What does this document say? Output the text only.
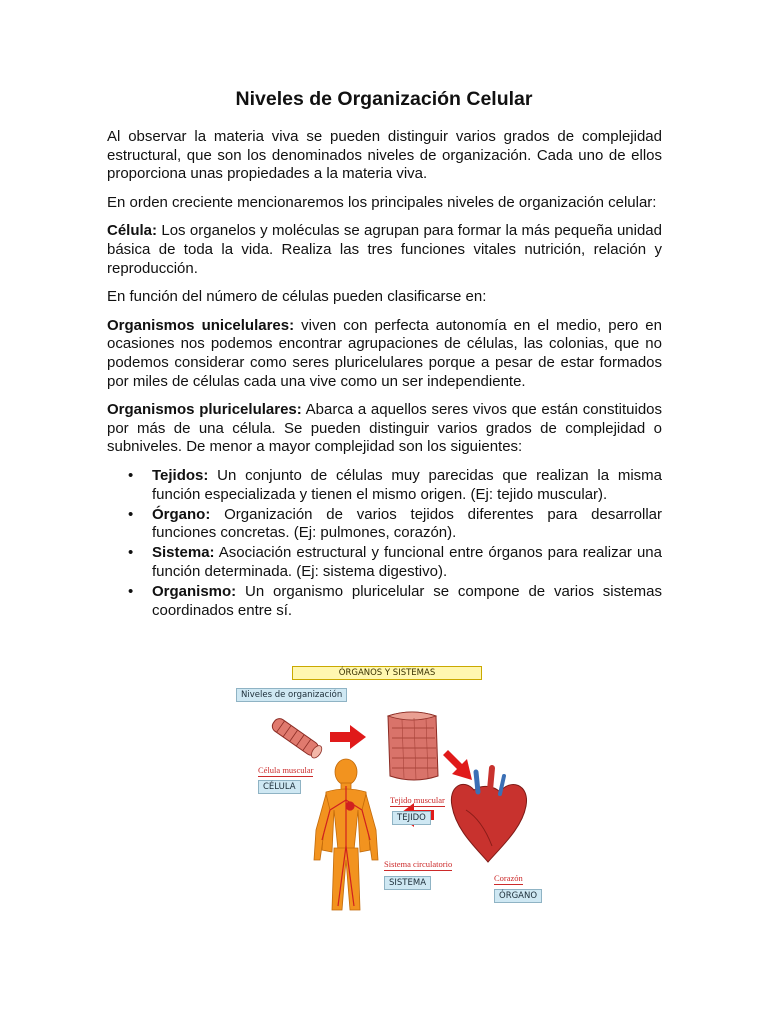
Niveles de Organización Celular

Al observar la materia viva se pueden distinguir varios grados de complejidad estructural, que son los denominados niveles de organización. Cada uno de ellos proporciona unas propiedades a la materia viva.

En orden creciente mencionaremos los principales niveles de organización celular:

Célula: Los organelos y moléculas se agrupan para formar la más pequeña unidad básica de toda la vida. Realiza las tres funciones vitales nutrición, relación y reproducción.

En función del número de células pueden clasificarse en:

Organismos unicelulares: viven con perfecta autonomía en el medio, pero en ocasiones nos podemos encontrar agrupaciones de células, las colonias, que no podemos considerar como seres pluricelulares porque a pesar de estar formados por miles de células cada una vive como un ser independiente.

Organismos pluricelulares: Abarca a aquellos seres vivos que están constituidos por más de una célula. Se pueden distinguir varios grados de complejidad o subniveles. De menor a mayor complejidad son los siguientes:

• Tejidos: Un conjunto de células muy parecidas que realizan la misma función especializada y tienen el mismo origen. (Ej: tejido muscular).
• Órgano: Organización de varios tejidos diferentes para desarrollar funciones concretas. (Ej: pulmones, corazón).
• Sistema: Asociación estructural y funcional entre órganos para realizar una función determinada. (Ej: sistema digestivo).
• Organismo: Un organismo pluricelular se compone de varios sistemas coordinados entre sí.
ÓRGANOS Y SISTEMAS
Niveles de organización
Célula muscular
CÉLULA
Tejido muscular
TEJIDO
Sistema circulatorio
SISTEMA	Corazón
ÓRGANO
